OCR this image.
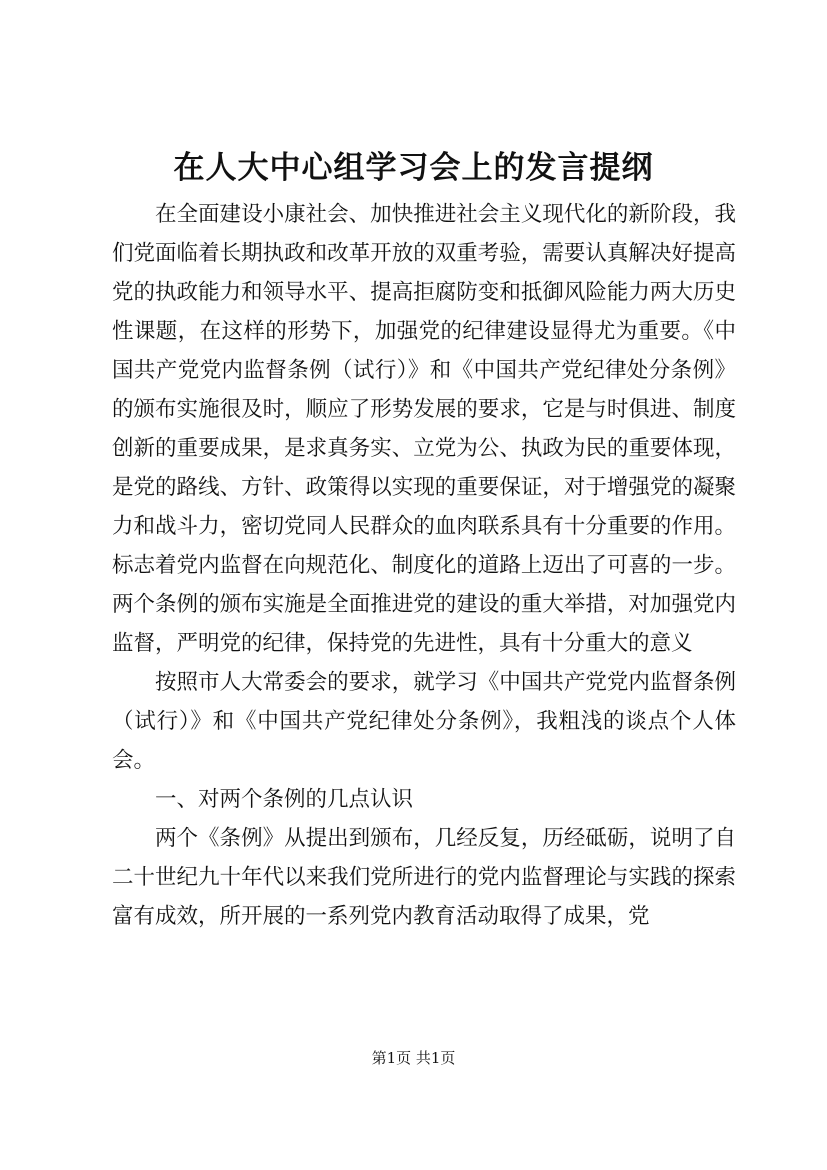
在人大中心组学习会上的发言提纲

在全面建设小康社会、加快推进社会主义现代化的新阶段，我们党面临着长期执政和改革开放的双重考验，需要认真解决好提高党的执政能力和领导水平、提高拒腐防变和抵御风险能力两大历史性课题，在这样的形势下，加强党的纪律建设显得尤为重要。《中国共产党党内监督条例（试行）》和《中国共产党纪律处分条例》的颁布实施很及时，顺应了形势发展的要求，它是与时俱进、制度创新的重要成果，是求真务实、立党为公、执政为民的重要体现，是党的路线、方针、政策得以实现的重要保证，对于增强党的凝聚力和战斗力，密切党同人民群众的血肉联系具有十分重要的作用。标志着党内监督在向规范化、制度化的道路上迈出了可喜的一步。两个条例的颁布实施是全面推进党的建设的重大举措，对加强党内监督，严明党的纪律，保持党的先进性，具有十分重大的意义

按照市人大常委会的要求，就学习《中国共产党党内监督条例（试行）》和《中国共产党纪律处分条例》，我粗浅的谈点个人体会。

一、对两个条例的几点认识

两个《条例》从提出到颁布，几经反复，历经砥砺，说明了自二十世纪九十年代以来我们党所进行的党内监督理论与实践的探索富有成效，所开展的一系列党内教育活动取得了成果，党

第1页 共1页
